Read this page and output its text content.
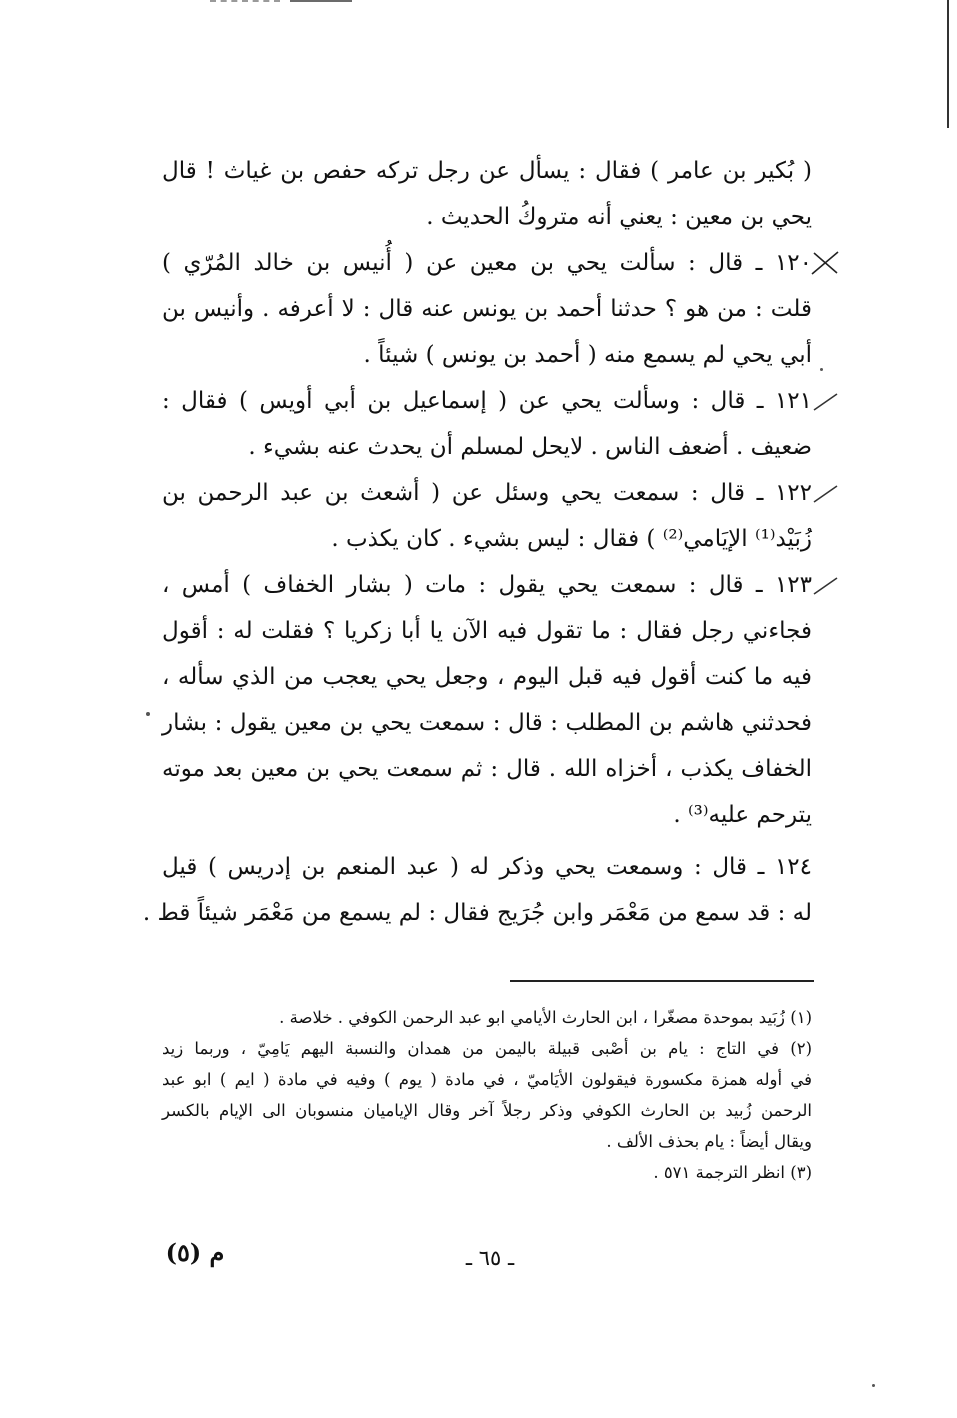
( بُكير بن عامر ) فقال : يسأل عن رجل تركه حفص بن غياث ! قال
يحي بن معين : يعني أنه متروكُ الحديث .
١٢٠ ـ قال : سألت يحي بن معين عن ( أُنيس بن خالد المُرّي )
قلت : من هو ؟ حدثنا أحمد بن يونس عنه قال : لا أعرفه . وأنيس بن
أبي يحي لم يسمع منه ( أحمد بن يونس ) شيئاً .
١٢١ ـ قال : وسألت يحي عن ( إسماعيل بن أبي أويس ) فقال :
ضعيف . أضعف الناس . لايحل لمسلم أن يحدث عنه بشيء .
١٢٢ ـ قال : سمعت يحي وسئل عن ( أشعث بن عبد الرحمن بن
زُبَيْد⁽¹⁾ الإيَامي⁽²⁾ ) فقال : ليس بشيء . كان يكذب .
١٢٣ ـ قال : سمعت يحي يقول : مات ( بشار الخفاف ) أمس ،
فجاءني رجل فقال : ما تقول فيه الآن يا أبا زكريا ؟ فقلت له : أقول
فيه ما كنت أقول فيه قبل اليوم ، وجعل يحي يعجب من الذي سأله ،
فحدثني هاشم بن المطلب : قال : سمعت يحي بن معين يقول : بشار
الخفاف يكذب ، أخزاه الله . قال : ثم سمعت يحي بن معين بعد موته
يترحم عليه⁽³⁾ .
١٢٤ ـ قال : وسمعت يحي وذكر له ( عبد المنعم بن إدريس ) قيل
له : قد سمع من مَعْمَر وابن جُرَيج فقال : لم يسمع من مَعْمَر شيئاً قط .
(١) زُبَيد بموحدة مصغّرا ، ابن الحارث الأيامي ابو عبد الرحمن الكوفي . خلاصة .
(٢) في التاج : يام بن أصْبى قبيلة باليمن من همدان والنسبة اليهم يَامِيّ ، وربما زيد
في أوله همزة مكسورة فيقولون الأيَاميّ ، في مادة ( يوم ) وفيه في مادة ( ايم ) ابو عبد
الرحمن زُبيد بن الحارث الكوفي وذكر رجلاً آخر وقال الإياميان منسوبان الى الإيام بالكسر
ويقال أيضاً : يام بحذف الألف .
(٣) انظر الترجمة ٥٧١ .
ـ ٦٥ ـ
م (٥)
